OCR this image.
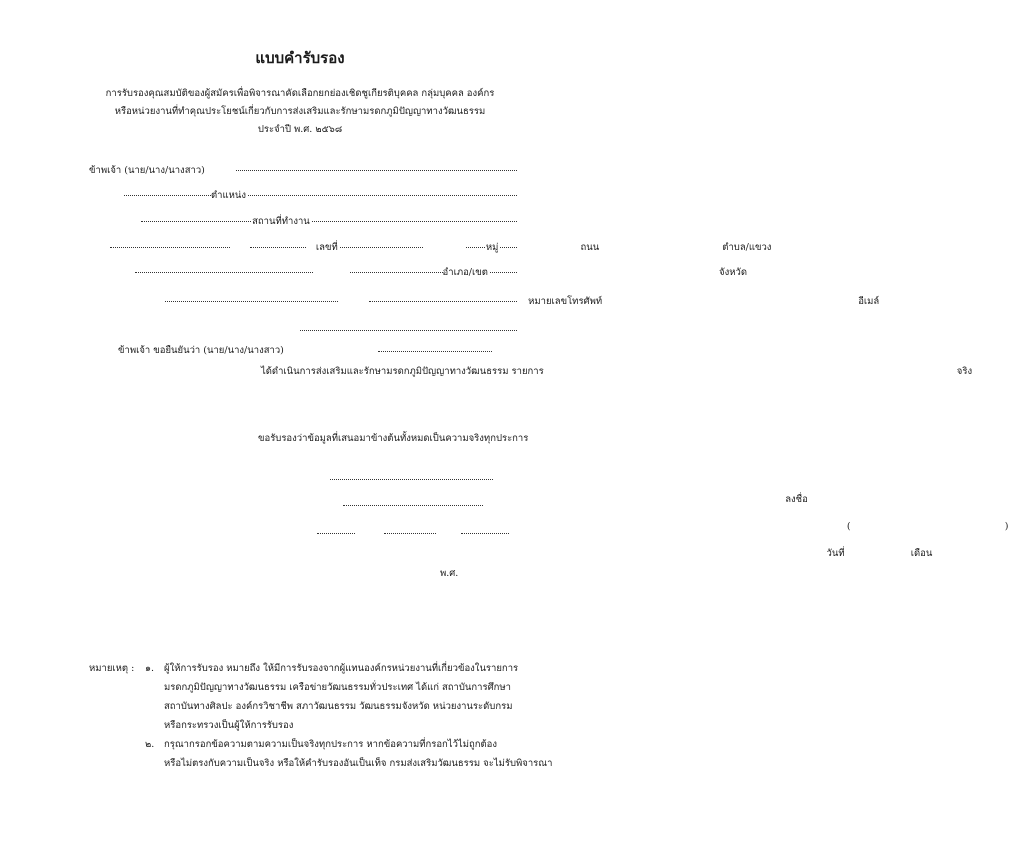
แบบคำรับรอง
การรับรองคุณสมบัติของผู้สมัครเพื่อพิจารณาคัดเลือกยกย่องเชิดชูเกียรติบุคคล กลุ่มบุคคล องค์กร
หรือหน่วยงานที่ทำคุณประโยชน์เกี่ยวกับการส่งเสริมและรักษามรดกภูมิปัญญาทางวัฒนธรรม
ประจำปี พ.ศ. ๒๕๖๘
$_{ข้าพเจ้า (นาย/นาง/นางสาว)}$
$_{ตำแหน่ง}$
$_{สถานที่ทำงาน}$
$_{เลขที่}$	$_{หมู่}$	$_{ถนน}$	$_{ตำบล/แขวง}$
$_{อำเภอ/เขต}$	$_{จังหวัด}$
$_{หมายเลขโทรศัพท์}$	$_{อีเมล์}$
$_{ข้าพเจ้า ขอยืนยันว่า (นาย/นาง/นางสาว)}$
$_{ได้ดำเนินการส่งเสริมและรักษามรดกภูมิปัญญาทางวัฒนธรรม รายการ}$	$_{จริง}$
ขอรับรองว่าข้อมูลที่เสนอมาข้างต้นทั้งหมดเป็นความจริงทุกประการ
$_{ลงชื่อ}$
$_($	$_)$ $_{วันที่}$	$_{เดือน}$
$_{พ.ศ.}$
หมายเหตุ : ๑. ผู้ให้การรับรอง หมายถึง ให้มีการรับรองจากผู้แทนองค์กรหน่วยงานที่เกี่ยวข้องในรายการ
มรดกภูมิปัญญาทางวัฒนธรรม เครือข่ายวัฒนธรรมทั่วประเทศ ได้แก่ สถาบันการศึกษา
สถาบันทางศิลปะ องค์กรวิชาชีพ สภาวัฒนธรรม วัฒนธรรมจังหวัด หน่วยงานระดับกรม
หรือกระทรวงเป็นผู้ให้การรับรอง
๒. กรุณากรอกข้อความตามความเป็นจริงทุกประการ หากข้อความที่กรอกไว้ไม่ถูกต้อง
หรือไม่ตรงกับความเป็นจริง หรือให้คำรับรองอันเป็นเท็จ กรมส่งเสริมวัฒนธรรม จะไม่รับพิจารณา
